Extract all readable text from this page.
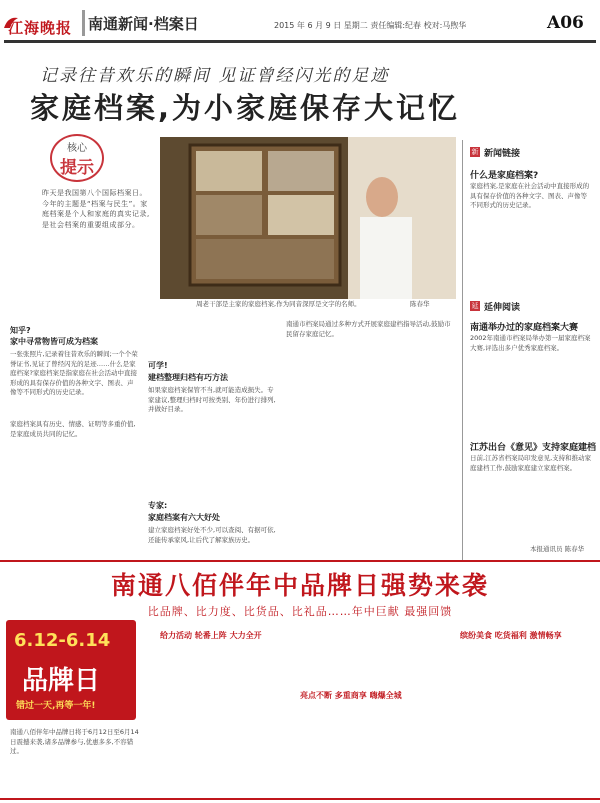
江海晚报 南通新闻·档案日	2015 年 6 月 9 日 星期二 责任编辑:纪春 校对:马煦华	A06
记录往昔欢乐的瞬间 见证曾经闪光的足迹
家庭档案,为小家庭保存大记忆
核心
提示
昨天是我国第八个国际档案日。今年的主题是“档案与民生”。家庭档案是个人和家庭的真实记录,是社会档案的重要组成部分。
周老干部是主家的家庭档案,作为同音深厚是文字的名师。	陈春华
知乎?
家中寻常物皆可成为档案
一张张照片,记录着往昔欢乐的瞬间;一个个荣誉证书,见证了曾经闪光的足迹……什么是家庭档案?家庭档案是指家庭在社会活动中直接形成的具有保存价值的各种文字、图表、声像等不同形式的历史记录。
家庭档案具有历史、情感、证明等多重价值,是家庭成员共同的记忆。
可学!
建档整理归档有巧方法
如果家庭档案保管不当,就可能造成损失。专家建议,整理归档时可按类别、年份进行排列,并做好目录。
专家:
家庭档案有六大好处
建立家庭档案好处不少,可以查阅、有据可依,还能传承家风,让后代了解家族历史。
南通市档案局通过多种方式开展家庭建档指导活动,鼓励市民留存家庭记忆。
新 新闻链接
什么是家庭档案?
家庭档案,是家庭在社会活动中直接形成的具有保存价值的各种文字、图表、声像等不同形式的历史记录。
延 延伸阅读
南通举办过的家庭档案大赛
2002年南通市档案局举办第一届家庭档案大赛,评选出多户优秀家庭档案。
江苏出台《意见》支持家庭建档
日前,江苏省档案局印发意见,支持和推动家庭建档工作,鼓励家庭建立家庭档案。
本报通讯员 陈春华
南通八佰伴年中品牌日强势来袭
比品牌、比力度、比货品、比礼品……年中巨献 最强回馈
6.12-6.14
品牌日
错过一天,再等一年!
给力活动 轮番上阵 大力全开
亮点不断 多重商享 嗨爆全城
缤纷美食 吃货福利 激情畅享
南通八佰伴年中品牌日将于6月12日至6月14日震撼来袭,诸多品牌参与,优惠多多,不容错过。
